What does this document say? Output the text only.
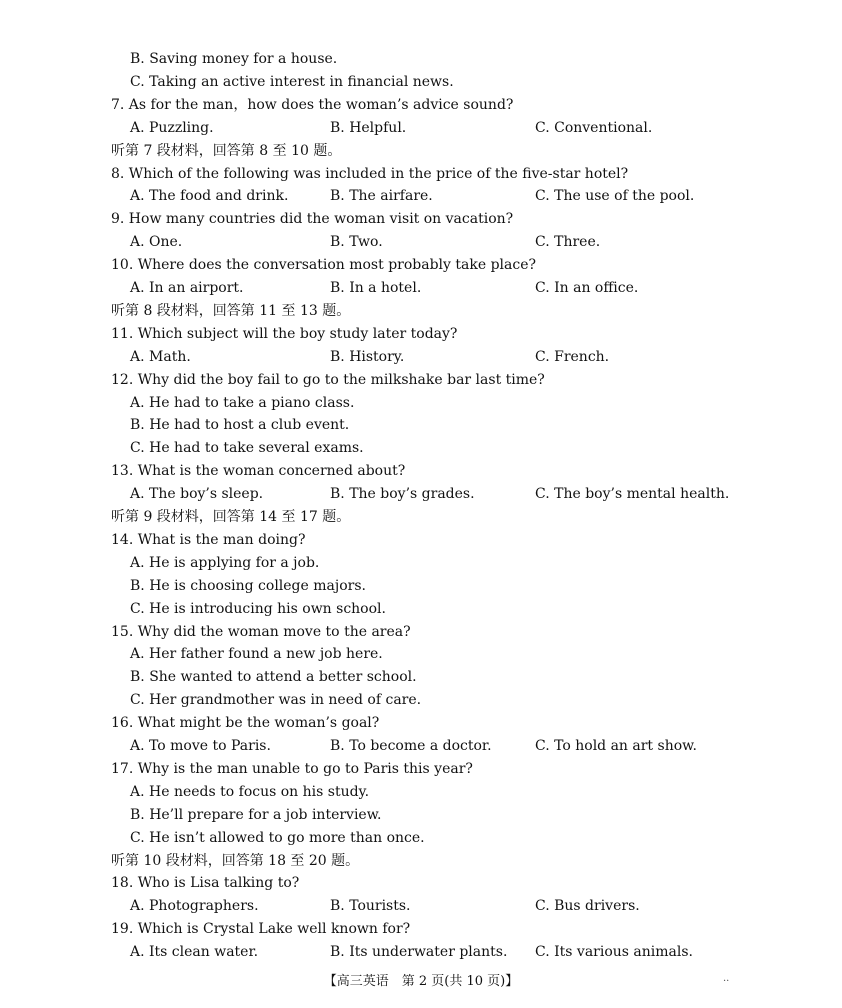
B. Saving money for a house.
C. Taking an active interest in financial news.
7. As for the man，how does the woman’s advice sound?
A. Puzzling.	B. Helpful.	C. Conventional.
听第 7 段材料，回答第 8 至 10 题。
8. Which of the following was included in the price of the five-star hotel?
A. The food and drink.	B. The airfare.	C. The use of the pool.
9. How many countries did the woman visit on vacation?
A. One.	B. Two.	C. Three.
10. Where does the conversation most probably take place?
A. In an airport.	B. In a hotel.	C. In an office.
听第 8 段材料，回答第 11 至 13 题。
11. Which subject will the boy study later today?
A. Math.	B. History.	C. French.
12. Why did the boy fail to go to the milkshake bar last time?
A. He had to take a piano class.
B. He had to host a club event.
C. He had to take several exams.
13. What is the woman concerned about?
A. The boy’s sleep.	B. The boy’s grades.	C. The boy’s mental health.
听第 9 段材料，回答第 14 至 17 题。
14. What is the man doing?
A. He is applying for a job.
B. He is choosing college majors.
C. He is introducing his own school.
15. Why did the woman move to the area?
A. Her father found a new job here.
B. She wanted to attend a better school.
C. Her grandmother was in need of care.
16. What might be the woman’s goal?
A. To move to Paris.	B. To become a doctor.	C. To hold an art show.
17. Why is the man unable to go to Paris this year?
A. He needs to focus on his study.
B. He’ll prepare for a job interview.
C. He isn’t allowed to go more than once.
听第 10 段材料，回答第 18 至 20 题。
18. Who is Lisa talking to?
A. Photographers.	B. Tourists.	C. Bus drivers.
19. Which is Crystal Lake well known for?
A. Its clean water.	B. Its underwater plants. C. Its various animals.
【高三英语　第 2 页(共 10 页)】	··
